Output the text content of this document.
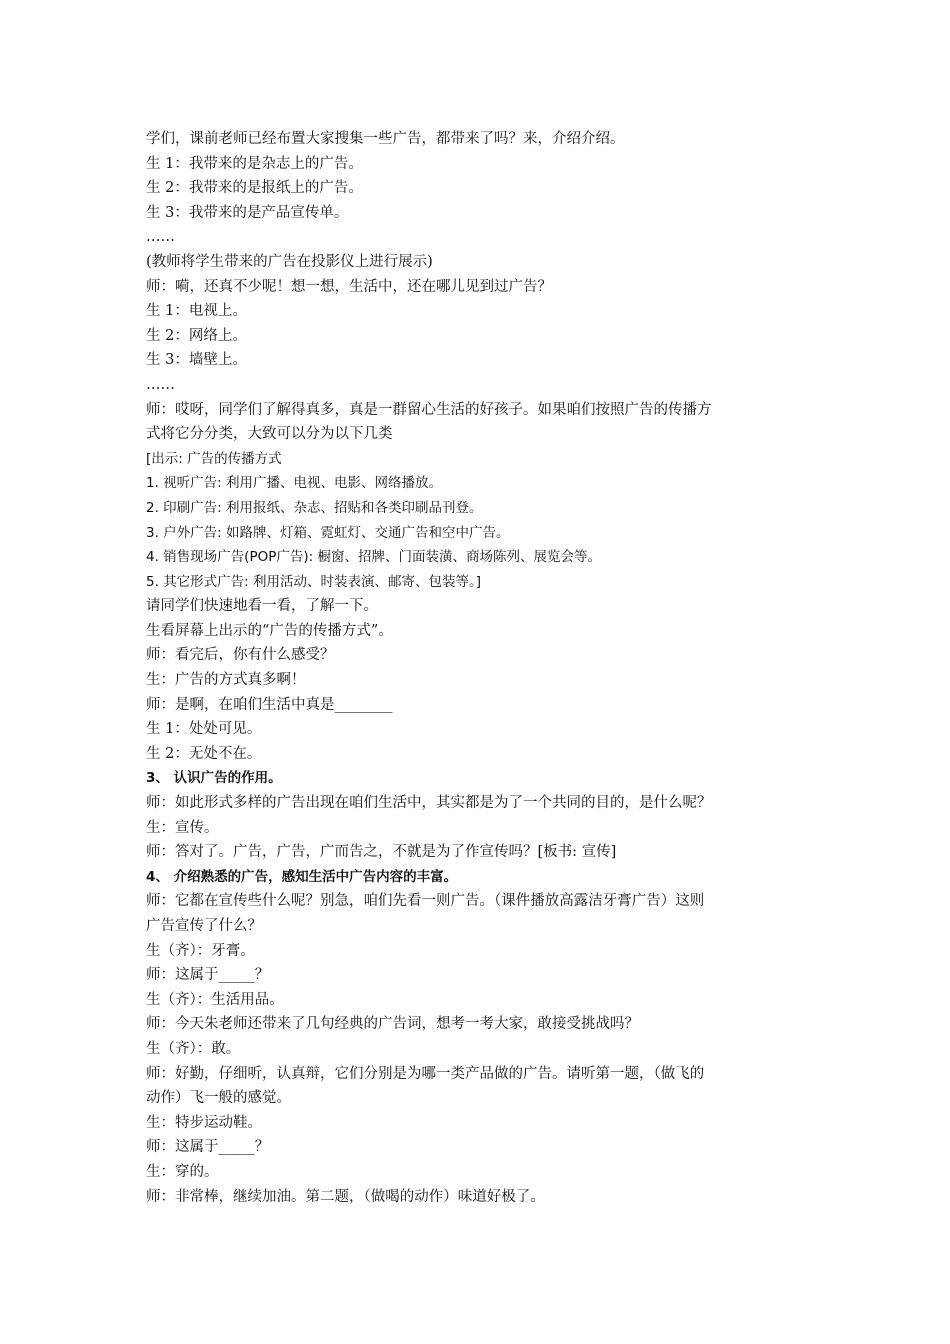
学们，课前老师已经布置大家搜集一些广告，都带来了吗？来，介绍介绍。
生 1：我带来的是杂志上的广告。
生 2：我带来的是报纸上的广告。
生 3：我带来的是产品宣传单。
……
(教师将学生带来的广告在投影仪上进行展示)
师：嗬，还真不少呢！想一想，生活中，还在哪儿见到过广告？
生 1：电视上。
生 2：网络上。
生 3：墙壁上。
……
师：哎呀，同学们了解得真多，真是一群留心生活的好孩子。如果咱们按照广告的传播方
式将它分分类，大致可以分为以下几类
[出示: 广告的传播方式
1. 视听广告: 利用广播、电视、电影、网络播放。
2. 印刷广告: 利用报纸、杂志、招贴和各类印刷品刊登。
3. 户外广告: 如路牌、灯箱、霓虹灯、交通广告和空中广告。
4. 销售现场广告(POP广告): 橱窗、招牌、门面装潢、商场陈列、展览会等。
5. 其它形式广告: 利用活动、时装表演、邮寄、包装等。]
请同学们快速地看一看，了解一下。
生看屏幕上出示的“广告的传播方式”。
师：看完后，你有什么感受？
生：广告的方式真多啊！
师：是啊，在咱们生活中真是________
生 1：处处可见。
生 2：无处不在。
3、 认识广告的作用。
师：如此形式多样的广告出现在咱们生活中，其实都是为了一个共同的目的，是什么呢？
生：宣传。
师：答对了。广告，广告，广而告之，不就是为了作宣传吗？[板书: 宣传]
4、 介绍熟悉的广告，感知生活中广告内容的丰富。
师：它都在宣传些什么呢？别急，咱们先看一则广告。（课件播放高露洁牙膏广告）这则
广告宣传了什么？
生（齐）：牙膏。
师：这属于_____？
生（齐）：生活用品。
师：今天朱老师还带来了几句经典的广告词，想考一考大家，敢接受挑战吗？
生（齐）：敢。
师：好勤，仔细听，认真辩，它们分别是为哪一类产品做的广告。请听第一题，（做飞的
动作）飞一般的感觉。
生：特步运动鞋。
师：这属于_____？
生：穿的。
师：非常棒，继续加油。第二题，（做喝的动作）味道好极了。
